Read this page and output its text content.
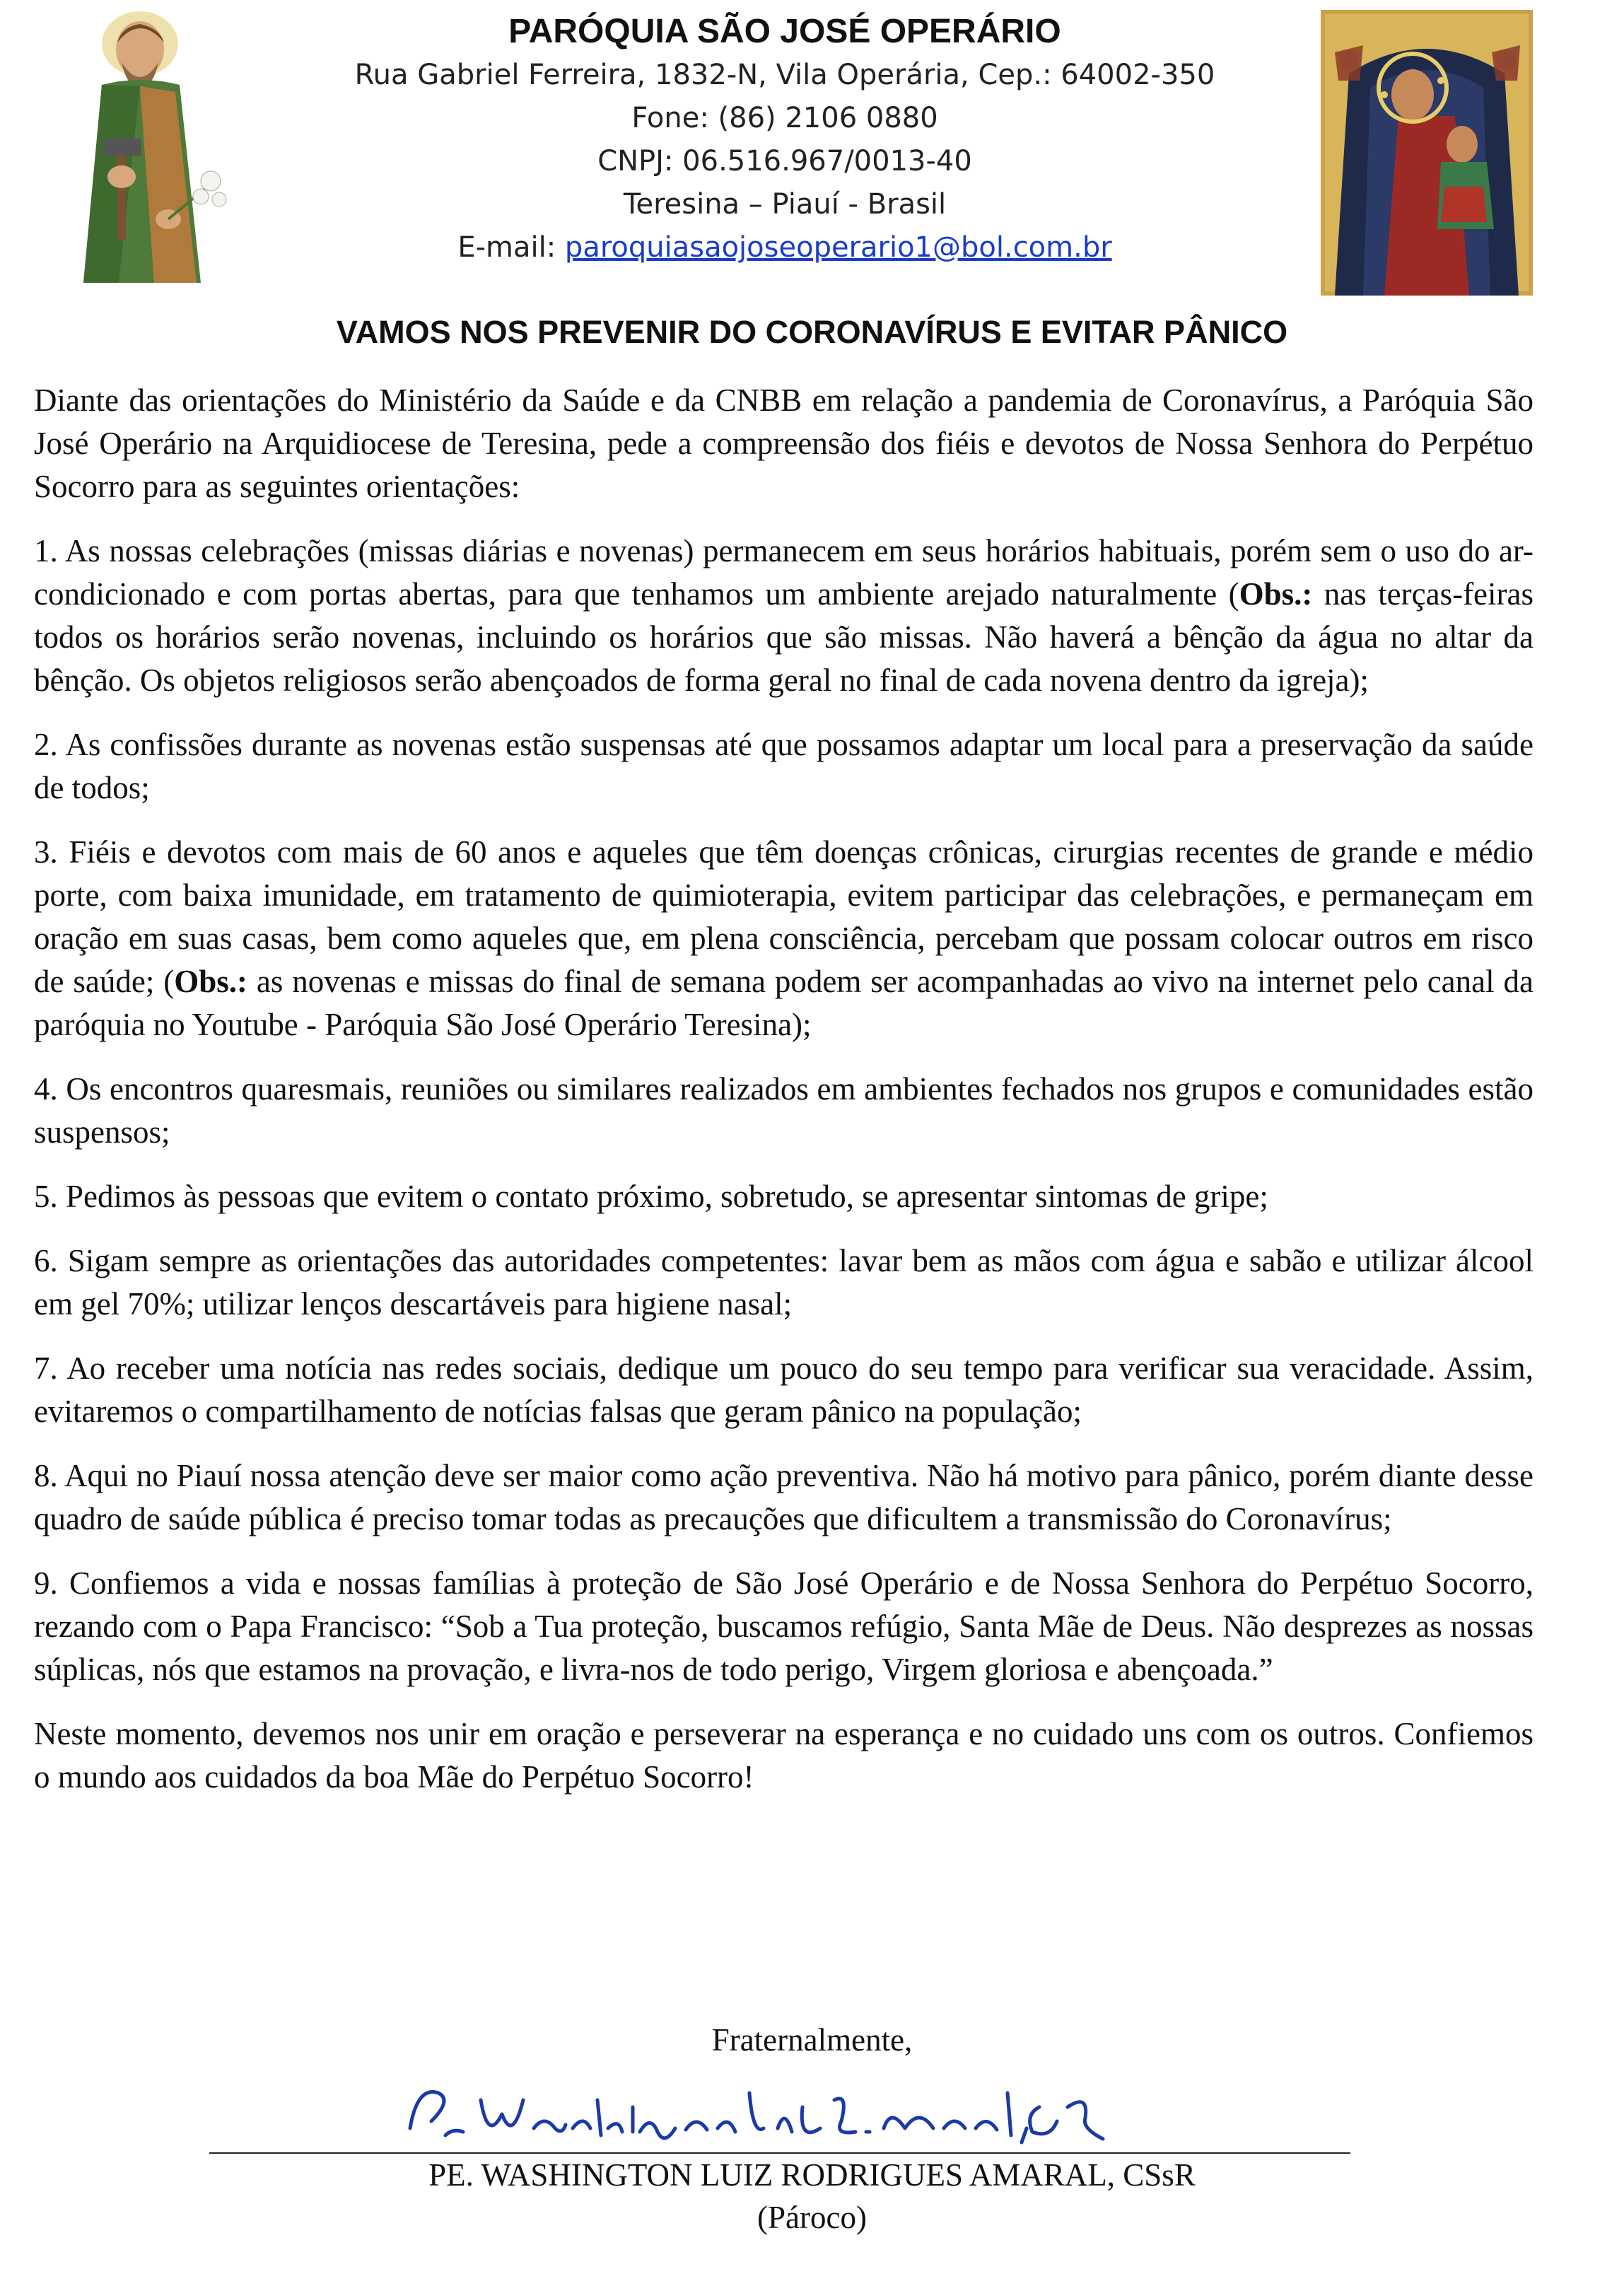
PARÓQUIA SÃO JOSÉ OPERÁRIO

Rua Gabriel Ferreira, 1832-N, Vila Operária, Cep.: 64002-350

Fone: (86) 2106 0880

CNPJ: 06.516.967/0013-40

Teresina – Piauí - Brasil

E-mail: paroquiasaojoseoperario1@bol.com.br

VAMOS NOS PREVENIR DO CORONAVÍRUS E EVITAR PÂNICO

Diante das orientações do Ministério da Saúde e da CNBB em relação a pandemia de Coronavírus, a Paróquia São José Operário na Arquidiocese de Teresina, pede a compreensão dos fiéis e devotos de Nossa Senhora do Perpétuo Socorro para as seguintes orientações:

1. As nossas celebrações (missas diárias e novenas) permanecem em seus horários habituais, porém sem o uso do ar-condicionado e com portas abertas, para que tenhamos um ambiente arejado naturalmente (Obs.: nas terças-feiras todos os horários serão novenas, incluindo os horários que são missas. Não haverá a bênção da água no altar da bênção. Os objetos religiosos serão abençoados de forma geral no final de cada novena dentro da igreja);

2. As confissões durante as novenas estão suspensas até que possamos adaptar um local para a preservação da saúde de todos;

3. Fiéis e devotos com mais de 60 anos e aqueles que têm doenças crônicas, cirurgias recentes de grande e médio porte, com baixa imunidade, em tratamento de quimioterapia, evitem participar das celebrações, e permaneçam em oração em suas casas, bem como aqueles que, em plena consciência, percebam que possam colocar outros em risco de saúde; (Obs.: as novenas e missas do final de semana podem ser acompanhadas ao vivo na internet pelo canal da paróquia no Youtube - Paróquia São José Operário Teresina);

4. Os encontros quaresmais, reuniões ou similares realizados em ambientes fechados nos grupos e comunidades estão suspensos;

5. Pedimos às pessoas que evitem o contato próximo, sobretudo, se apresentar sintomas de gripe;

6. Sigam sempre as orientações das autoridades competentes: lavar bem as mãos com água e sabão e utilizar álcool em gel 70%; utilizar lenços descartáveis para higiene nasal;

7. Ao receber uma notícia nas redes sociais, dedique um pouco do seu tempo para verificar sua veracidade. Assim, evitaremos o compartilhamento de notícias falsas que geram pânico na população;

8. Aqui no Piauí nossa atenção deve ser maior como ação preventiva. Não há motivo para pânico, porém diante desse quadro de saúde pública é preciso tomar todas as precauções que dificultem a transmissão do Coronavírus;

9. Confiemos a vida e nossas famílias à proteção de São José Operário e de Nossa Senhora do Perpétuo Socorro, rezando com o Papa Francisco: “Sob a Tua proteção, buscamos refúgio, Santa Mãe de Deus. Não desprezes as nossas súplicas, nós que estamos na provação, e livra-nos de todo perigo, Virgem gloriosa e abençoada.”

Neste momento, devemos nos unir em oração e perseverar na esperança e no cuidado uns com os outros. Confiemos o mundo aos cuidados da boa Mãe do Perpétuo Socorro!

Fraternalmente,
PE. WASHINGTON LUIZ RODRIGUES AMARAL, CSsR
(Pároco)
